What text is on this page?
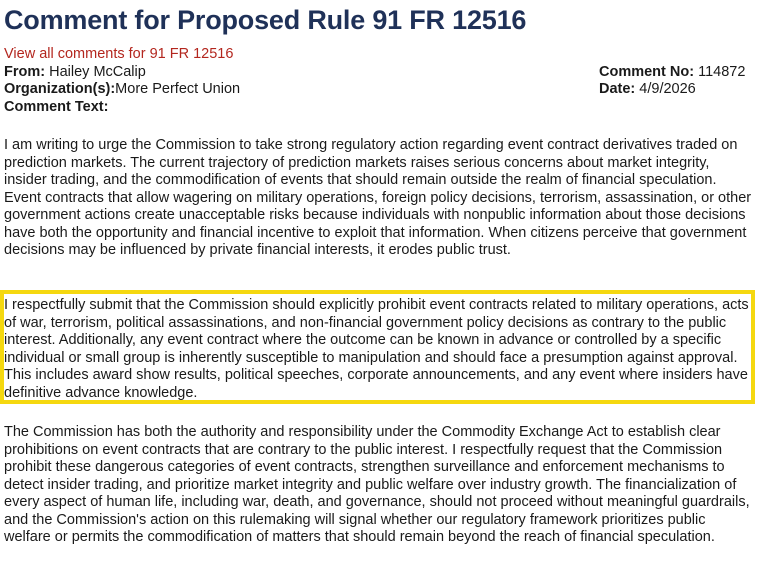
Comment for Proposed Rule 91 FR 12516
View all comments for 91 FR 12516
From: Hailey McCalip	Comment No: 114872
Organization(s):More Perfect Union	Date: 4/9/2026
Comment Text:

I am writing to urge the Commission to take strong regulatory action regarding event contract derivatives traded on prediction markets. The current trajectory of prediction markets raises serious concerns about market integrity, insider trading, and the commodification of events that should remain outside the realm of financial speculation. Event contracts that allow wagering on military operations, foreign policy decisions, terrorism, assassination, or other government actions create unacceptable risks because individuals with nonpublic information about those decisions have both the opportunity and financial incentive to exploit that information. When citizens perceive that government decisions may be influenced by private financial interests, it erodes public trust.

I respectfully submit that the Commission should explicitly prohibit event contracts related to military operations, acts of war, terrorism, political assassinations, and non-financial government policy decisions as contrary to the public interest. Additionally, any event contract where the outcome can be known in advance or controlled by a specific individual or small group is inherently susceptible to manipulation and should face a presumption against approval. This includes award show results, political speeches, corporate announcements, and any event where insiders have definitive advance knowledge.

The Commission has both the authority and responsibility under the Commodity Exchange Act to establish clear prohibitions on event contracts that are contrary to the public interest. I respectfully request that the Commission prohibit these dangerous categories of event contracts, strengthen surveillance and enforcement mechanisms to detect insider trading, and prioritize market integrity and public welfare over industry growth. The financialization of every aspect of human life, including war, death, and governance, should not proceed without meaningful guardrails, and the Commission's action on this rulemaking will signal whether our regulatory framework prioritizes public welfare or permits the commodification of matters that should remain beyond the reach of financial speculation.
